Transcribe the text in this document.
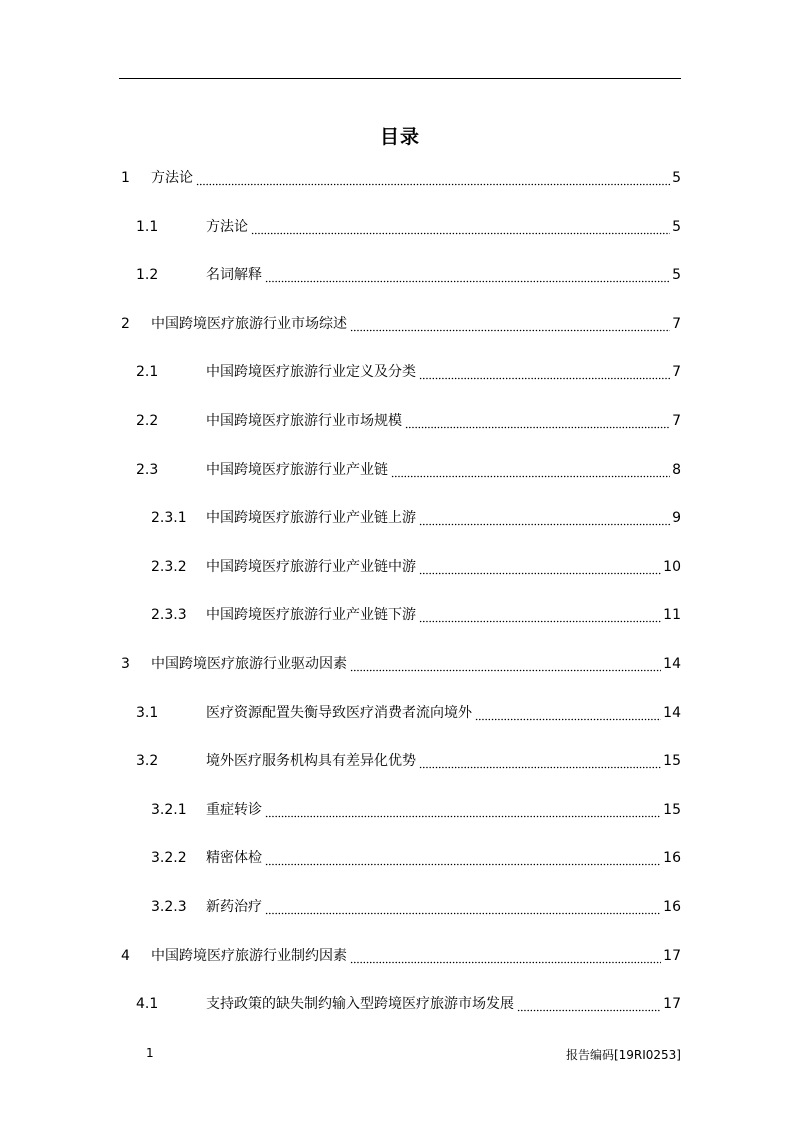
目录
1 方法论	5
1.1	方法论	5
1.2	名词解释	5
2 中国跨境医疗旅游行业市场综述	7
2.1	中国跨境医疗旅游行业定义及分类	7
2.2	中国跨境医疗旅游行业市场规模	7
2.3	中国跨境医疗旅游行业产业链	8
2.3.1 中国跨境医疗旅游行业产业链上游	9
2.3.2 中国跨境医疗旅游行业产业链中游	10
2.3.3 中国跨境医疗旅游行业产业链下游	11
3 中国跨境医疗旅游行业驱动因素	14
3.1	医疗资源配置失衡导致医疗消费者流向境外	14
3.2	境外医疗服务机构具有差异化优势	15
3.2.1 重症转诊	15
3.2.2 精密体检	16
3.2.3 新药治疗	16
4 中国跨境医疗旅游行业制约因素	17
4.1	支持政策的缺失制约输入型跨境医疗旅游市场发展	17
1	报告编码[19RI0253]
